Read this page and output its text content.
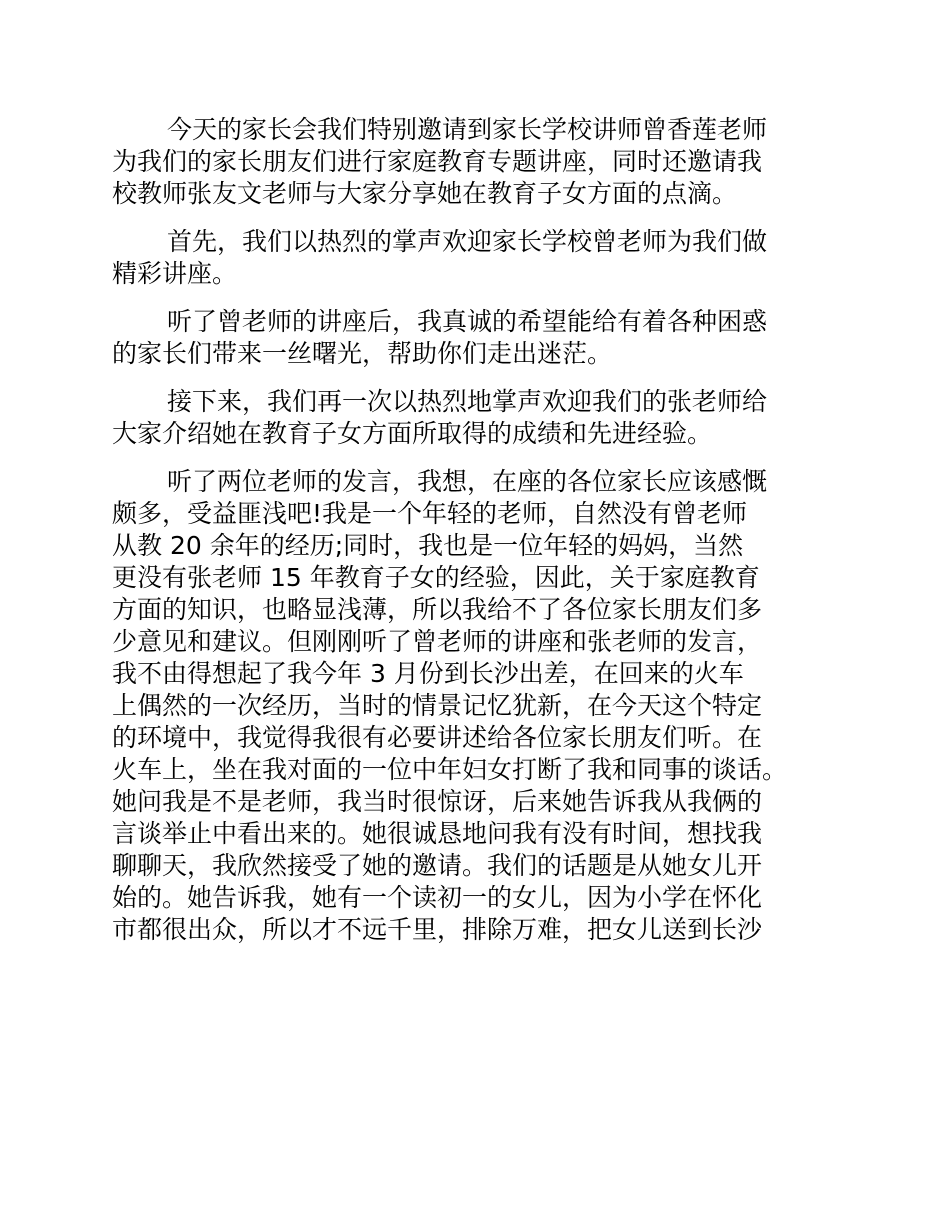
今天的家长会我们特别邀请到家长学校讲师曾香莲老师
为我们的家长朋友们进行家庭教育专题讲座，同时还邀请我
校教师张友文老师与大家分享她在教育子女方面的点滴。
首先，我们以热烈的掌声欢迎家长学校曾老师为我们做
精彩讲座。
听了曾老师的讲座后，我真诚的希望能给有着各种困惑
的家长们带来一丝曙光，帮助你们走出迷茫。
接下来，我们再一次以热烈地掌声欢迎我们的张老师给
大家介绍她在教育子女方面所取得的成绩和先进经验。
听了两位老师的发言，我想，在座的各位家长应该感慨
颇多，受益匪浅吧!我是一个年轻的老师，自然没有曾老师
从教 20 余年的经历;同时，我也是一位年轻的妈妈，当然
更没有张老师 15 年教育子女的经验，因此，关于家庭教育
方面的知识，也略显浅薄，所以我给不了各位家长朋友们多
少意见和建议。但刚刚听了曾老师的讲座和张老师的发言，
我不由得想起了我今年 3 月份到长沙出差，在回来的火车
上偶然的一次经历，当时的情景记忆犹新，在今天这个特定
的环境中，我觉得我很有必要讲述给各位家长朋友们听。在
火车上，坐在我对面的一位中年妇女打断了我和同事的谈话。
她问我是不是老师，我当时很惊讶，后来她告诉我从我俩的
言谈举止中看出来的。她很诚恳地问我有没有时间，想找我
聊聊天，我欣然接受了她的邀请。我们的话题是从她女儿开
始的。她告诉我，她有一个读初一的女儿，因为小学在怀化
市都很出众，所以才不远千里，排除万难，把女儿送到长沙
